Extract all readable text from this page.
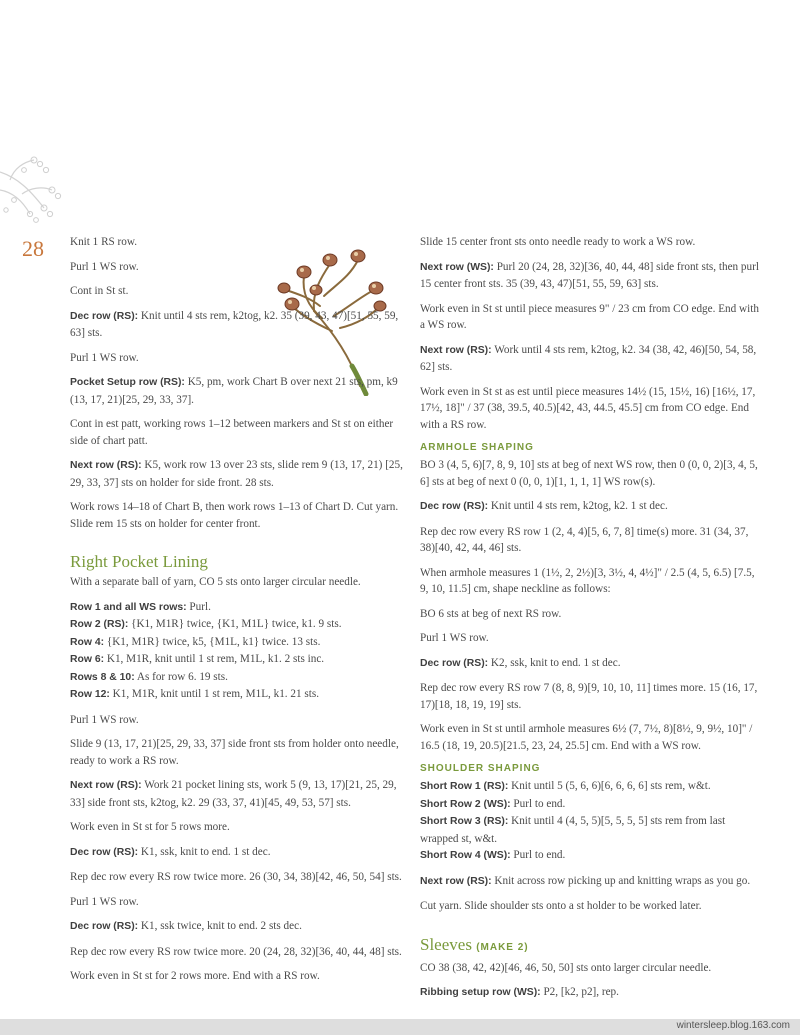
28 Knit 1 RS row.

Purl 1 WS row.

Cont in St st.

Dec row (RS): Knit until 4 sts rem, k2tog, k2. 35 (39, 43, 47)[51, 55, 59, 63] sts.

Purl 1 WS row.

Pocket Setup row (RS): K5, pm, work Chart B over next 21 sts, pm, k9 (13, 17, 21)[25, 29, 33, 37].

Cont in est patt, working rows 1–12 between markers and St st on either side of chart patt.

Next row (RS): K5, work row 13 over 23 sts, slide rem 9 (13, 17, 21) [25, 29, 33, 37] sts on holder for side front. 28 sts.

Work rows 14–18 of Chart B, then work rows 1–13 of Chart D. Cut yarn. Slide rem 15 sts on holder for center front.

Right Pocket Lining

With a separate ball of yarn, CO 5 sts onto larger circular needle.

Row 1 and all WS rows: Purl.

Row 2 (RS): {K1, M1R} twice, {K1, M1L} twice, k1. 9 sts.

Row 4: {K1, M1R} twice, k5, {M1L, k1} twice. 13 sts.

Row 6: K1, M1R, knit until 1 st rem, M1L, k1. 2 sts inc.

Rows 8 & 10: As for row 6. 19 sts.

Row 12: K1, M1R, knit until 1 st rem, M1L, k1. 21 sts.

Purl 1 WS row.

Slide 9 (13, 17, 21)[25, 29, 33, 37] side front sts from holder onto needle, ready to work a RS row.

Next row (RS): Work 21 pocket lining sts, work 5 (9, 13, 17)[21, 25, 29, 33] side front sts, k2tog, k2. 29 (33, 37, 41)[45, 49, 53, 57] sts.

Work even in St st for 5 rows more.

Dec row (RS): K1, ssk, knit to end. 1 st dec.

Rep dec row every RS row twice more. 26 (30, 34, 38)[42, 46, 50, 54] sts.

Purl 1 WS row.

Dec row (RS): K1, ssk twice, knit to end. 2 sts dec.

Rep dec row every RS row twice more. 20 (24, 28, 32)[36, 40, 44, 48] sts.

Work even in St st for 2 rows more. End with a RS row.

Slide 15 center front sts onto needle ready to work a WS row.

Next row (WS): Purl 20 (24, 28, 32)[36, 40, 44, 48] side front sts, then purl 15 center front sts. 35 (39, 43, 47)[51, 55, 59, 63] sts.

Work even in St st until piece measures 9" / 23 cm from CO edge. End with a WS row.

Next row (RS): Work until 4 sts rem, k2tog, k2. 34 (38, 42, 46)[50, 54, 58, 62] sts.

Work even in St st as est until piece measures 14½ (15, 15½, 16) [16½, 17, 17½, 18]" / 37 (38, 39.5, 40.5)[42, 43, 44.5, 45.5] cm from CO edge. End with a RS row.

ARMHOLE SHAPING

BO 3 (4, 5, 6)[7, 8, 9, 10] sts at beg of next WS row, then 0 (0, 0, 2)[3, 4, 5, 6] sts at beg of next 0 (0, 0, 1)[1, 1, 1, 1] WS row(s).

Dec row (RS): Knit until 4 sts rem, k2tog, k2. 1 st dec.

Rep dec row every RS row 1 (2, 4, 4)[5, 6, 7, 8] time(s) more. 31 (34, 37, 38)[40, 42, 44, 46] sts.

When armhole measures 1 (1½, 2, 2½)[3, 3½, 4, 4½]" / 2.5 (4, 5, 6.5) [7.5, 9, 10, 11.5] cm, shape neckline as follows:

BO 6 sts at beg of next RS row.

Purl 1 WS row.

Dec row (RS): K2, ssk, knit to end. 1 st dec.

Rep dec row every RS row 7 (8, 8, 9)[9, 10, 10, 11] times more. 15 (16, 17, 17)[18, 18, 19, 19] sts.

Work even in St st until armhole measures 6½ (7, 7½, 8)[8½, 9, 9½, 10]" / 16.5 (18, 19, 20.5)[21.5, 23, 24, 25.5] cm. End with a WS row.

SHOULDER SHAPING

Short Row 1 (RS): Knit until 5 (5, 6, 6)[6, 6, 6, 6] sts rem, w&t.

Short Row 2 (WS): Purl to end.

Short Row 3 (RS): Knit until 4 (4, 5, 5)[5, 5, 5, 5] sts rem from last wrapped st, w&t.

Short Row 4 (WS): Purl to end.

Next row (RS): Knit across row picking up and knitting wraps as you go.

Cut yarn. Slide shoulder sts onto a st holder to be worked later.

Sleeves (MAKE 2)

CO 38 (38, 42, 42)[46, 46, 50, 50] sts onto larger circular needle.

Ribbing setup row (WS): P2, [k2, p2], rep.

wintersleep.blog.163.com
